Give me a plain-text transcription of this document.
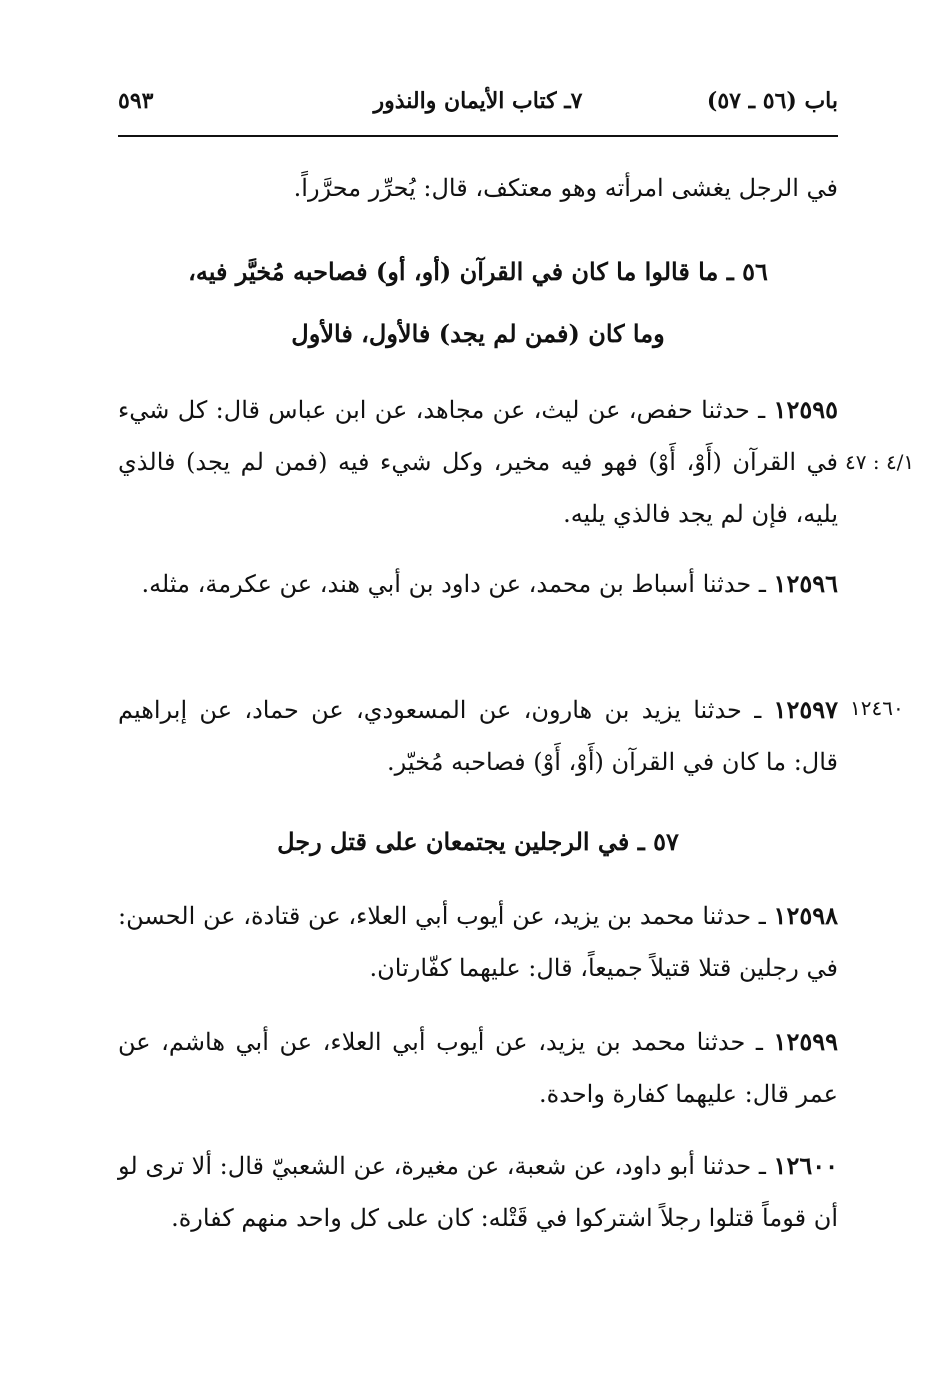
باب (٥٦ ـ ٥٧)
٧ـ كتاب الأيمان والنذور
٥٩٣
في الرجل يغشى امرأته وهو معتكف، قال: يُحرِّر محرَّراً.
٥٦ ـ ما قالوا ما كان في القرآن (أو، أو) فصاحبه مُخيَّر فيه،
وما كان (فمن لم يجد) فالأول، فالأول
١٢٥٩٥ ـ حدثنا حفص، عن ليث، عن مجاهد، عن ابن عباس قال: كل شيء في القرآن (أَوْ، أَوْ) فهو فيه مخير، وكل شيء فيه (فمن لم يجد) فالذي يليه، فإن لم يجد فالذي يليه.
٤/١ : ٤٧
١٢٥٩٦ ـ حدثنا أسباط بن محمد، عن داود بن أبي هند، عن عكرمة، مثله.
١٢٥٩٧ ـ حدثنا يزيد بن هارون، عن المسعودي، عن حماد، عن إبراهيم قال: ما كان في القرآن (أَوْ، أَوْ) فصاحبه مُخيّر.
١٢٤٦٠
٥٧ ـ في الرجلين يجتمعان على قتل رجل
١٢٥٩٨ ـ حدثنا محمد بن يزيد، عن أيوب أبي العلاء، عن قتادة، عن الحسن: في رجلين قتلا قتيلاً جميعاً، قال: عليهما كفّارتان.
١٢٥٩٩ ـ حدثنا محمد بن يزيد، عن أيوب أبي العلاء، عن أبي هاشم، عن عمر قال: عليهما كفارة واحدة.
١٢٦٠٠ ـ حدثنا أبو داود، عن شعبة، عن مغيرة، عن الشعبيّ قال: ألا ترى لو أن قوماً قتلوا رجلاً اشتركوا في قَتْله: كان على كل واحد منهم كفارة.
